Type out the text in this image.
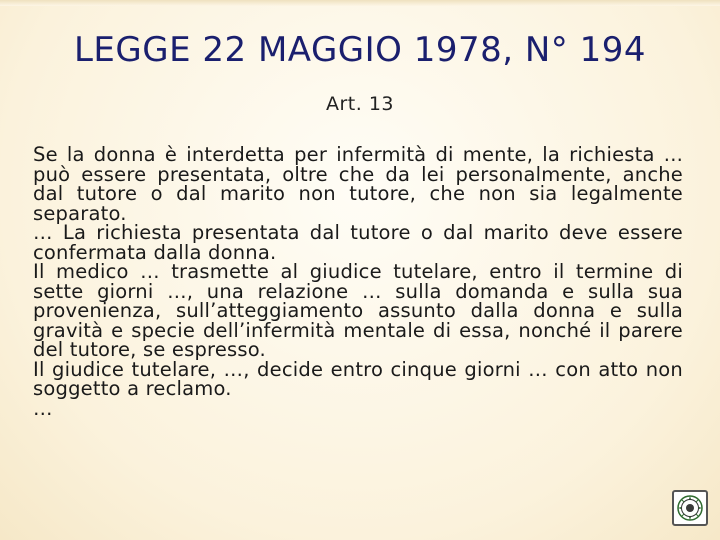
LEGGE 22 MAGGIO 1978, N° 194
Art. 13

Se la donna è interdetta per infermità di mente, la richiesta ... può essere presentata, oltre che da lei personalmente, anche dal tutore o dal marito non tutore, che non sia legalmente separato.

… La richiesta presentata dal tutore o dal marito deve essere confermata dalla donna.

Il medico … trasmette al giudice tutelare, entro il termine di sette giorni …, una relazione … sulla domanda e sulla sua provenienza, sull’atteggiamento assunto dalla donna e sulla gravità e specie dell’infermità mentale di essa, nonché il parere del tutore, se espresso.

Il giudice tutelare, …, decide entro cinque giorni … con atto non soggetto a reclamo.

…
